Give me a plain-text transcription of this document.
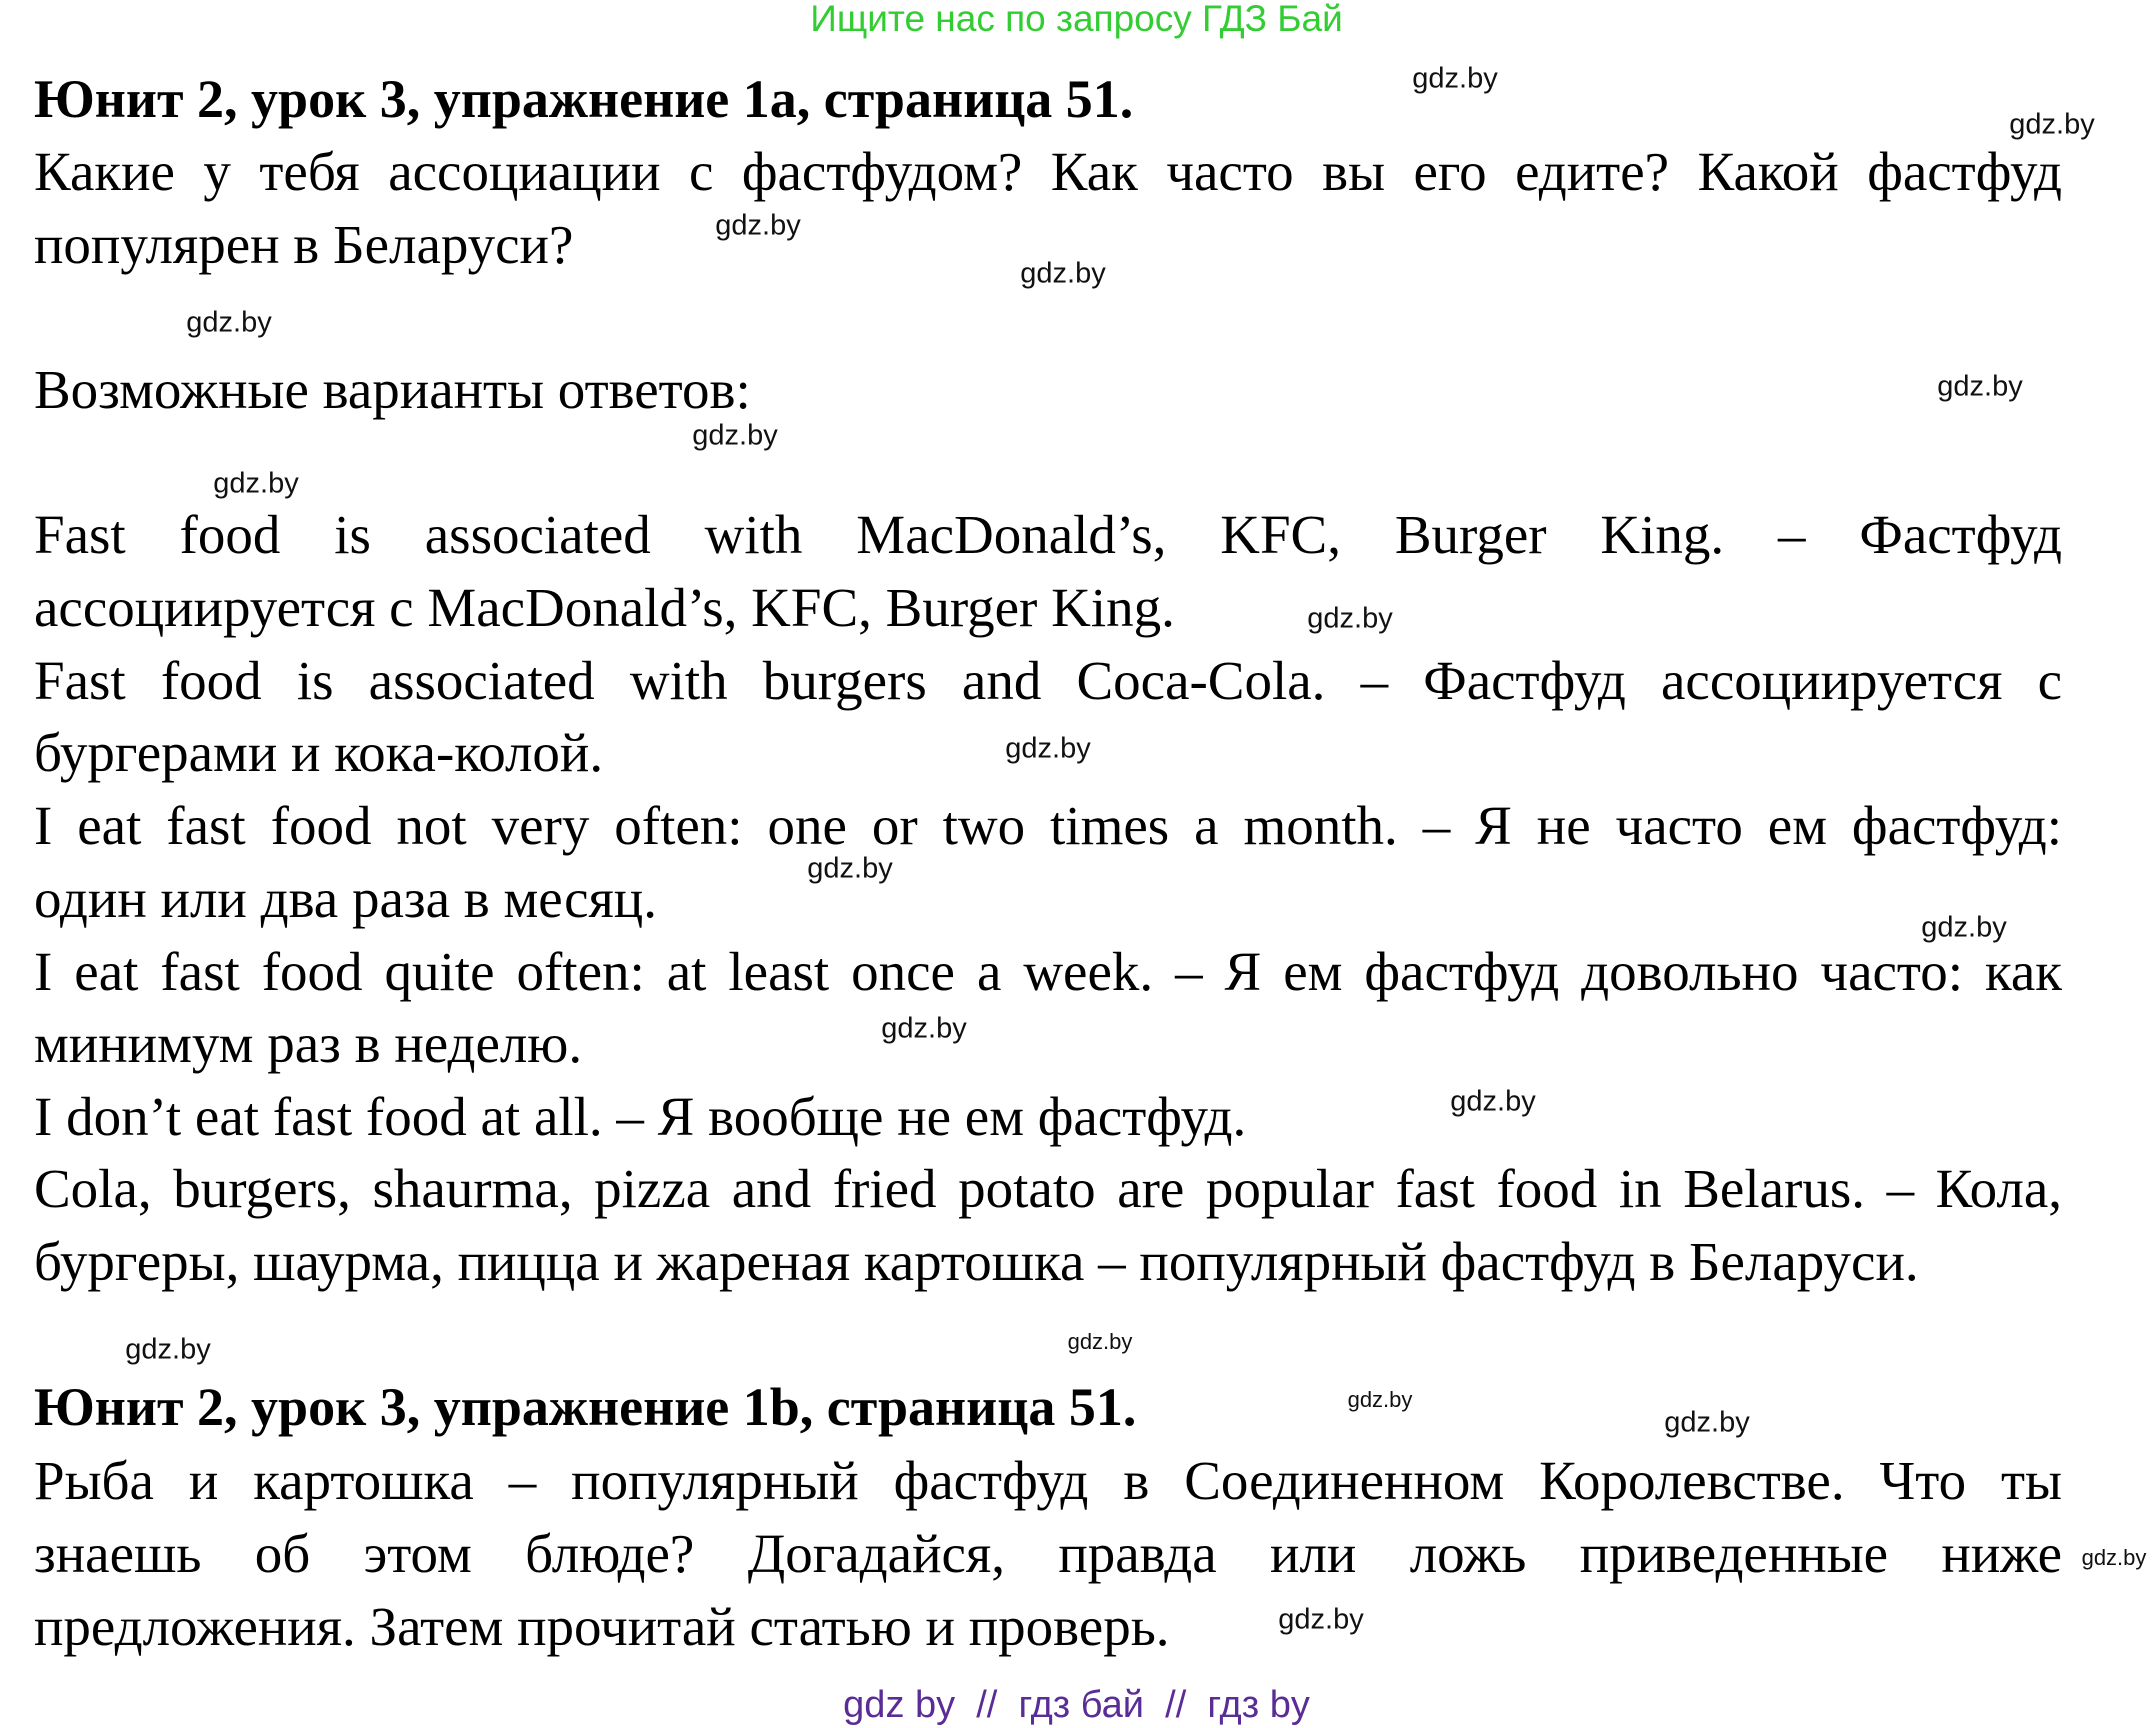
Ищите нас по запросу ГДЗ Бай
Юнит 2, урок 3, упражнение 1а, страница 51.
Какие у тебя ассоциации с фастфудом? Как часто вы его едите? Какой фастфуд
популярен в Беларуси?
Возможные варианты ответов:
Fast food is associated with MacDonald’s, KFC, Burger King. – Фастфуд
ассоциируется с MacDonald’s, KFC, Burger King.
Fast food is associated with burgers and Coca-Cola. – Фастфуд ассоциируется с
бургерами и кока-колой.
I eat fast food not very often: one or two times a month. – Я не часто ем фастфуд:
один или два раза в месяц.
I eat fast food quite often: at least once a week. – Я ем фастфуд довольно часто: как
минимум раз в неделю.
I don’t eat fast food at all. – Я вообще не ем фастфуд.
Cola, burgers, shaurma, pizza and fried potato are popular fast food in Belarus. – Кола,
бургеры, шаурма, пицца и жареная картошка – популярный фастфуд в Беларуси.
Юнит 2, урок 3, упражнение 1b, страница 51.
Рыба и картошка – популярный фастфуд в Соединенном Королевстве. Что ты
знаешь об этом блюде? Догадайся, правда или ложь приведенные ниже
предложения. Затем прочитай статью и проверь.
gdz.by
gdz.by
gdz.by
gdz.by
gdz.by
gdz.by
gdz.by
gdz.by
gdz.by
gdz.by
gdz.by
gdz.by
gdz.by
gdz.by
gdz.by
gdz.by
gdz.by
gdz.by
gdz.by
gdz.by
gdz by  //  гдз бай  //  гдз by
